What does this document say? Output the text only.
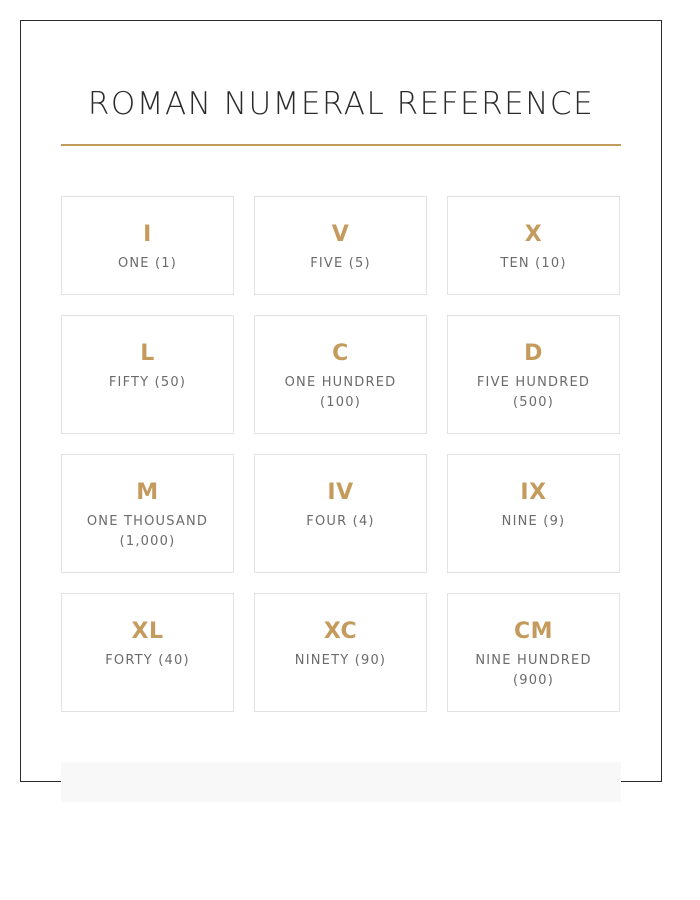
ROMAN NUMERAL REFERENCE
I
ONE (1)
V
FIVE (5)
X
TEN (10)
L
FIFTY (50)
C
ONE HUNDRED (100)
D
FIVE HUNDRED (500)
M
ONE THOUSAND (1,000)
IV
FOUR (4)
IX
NINE (9)
XL
FORTY (40)
XC
NINETY (90)
CM
NINE HUNDRED (900)
